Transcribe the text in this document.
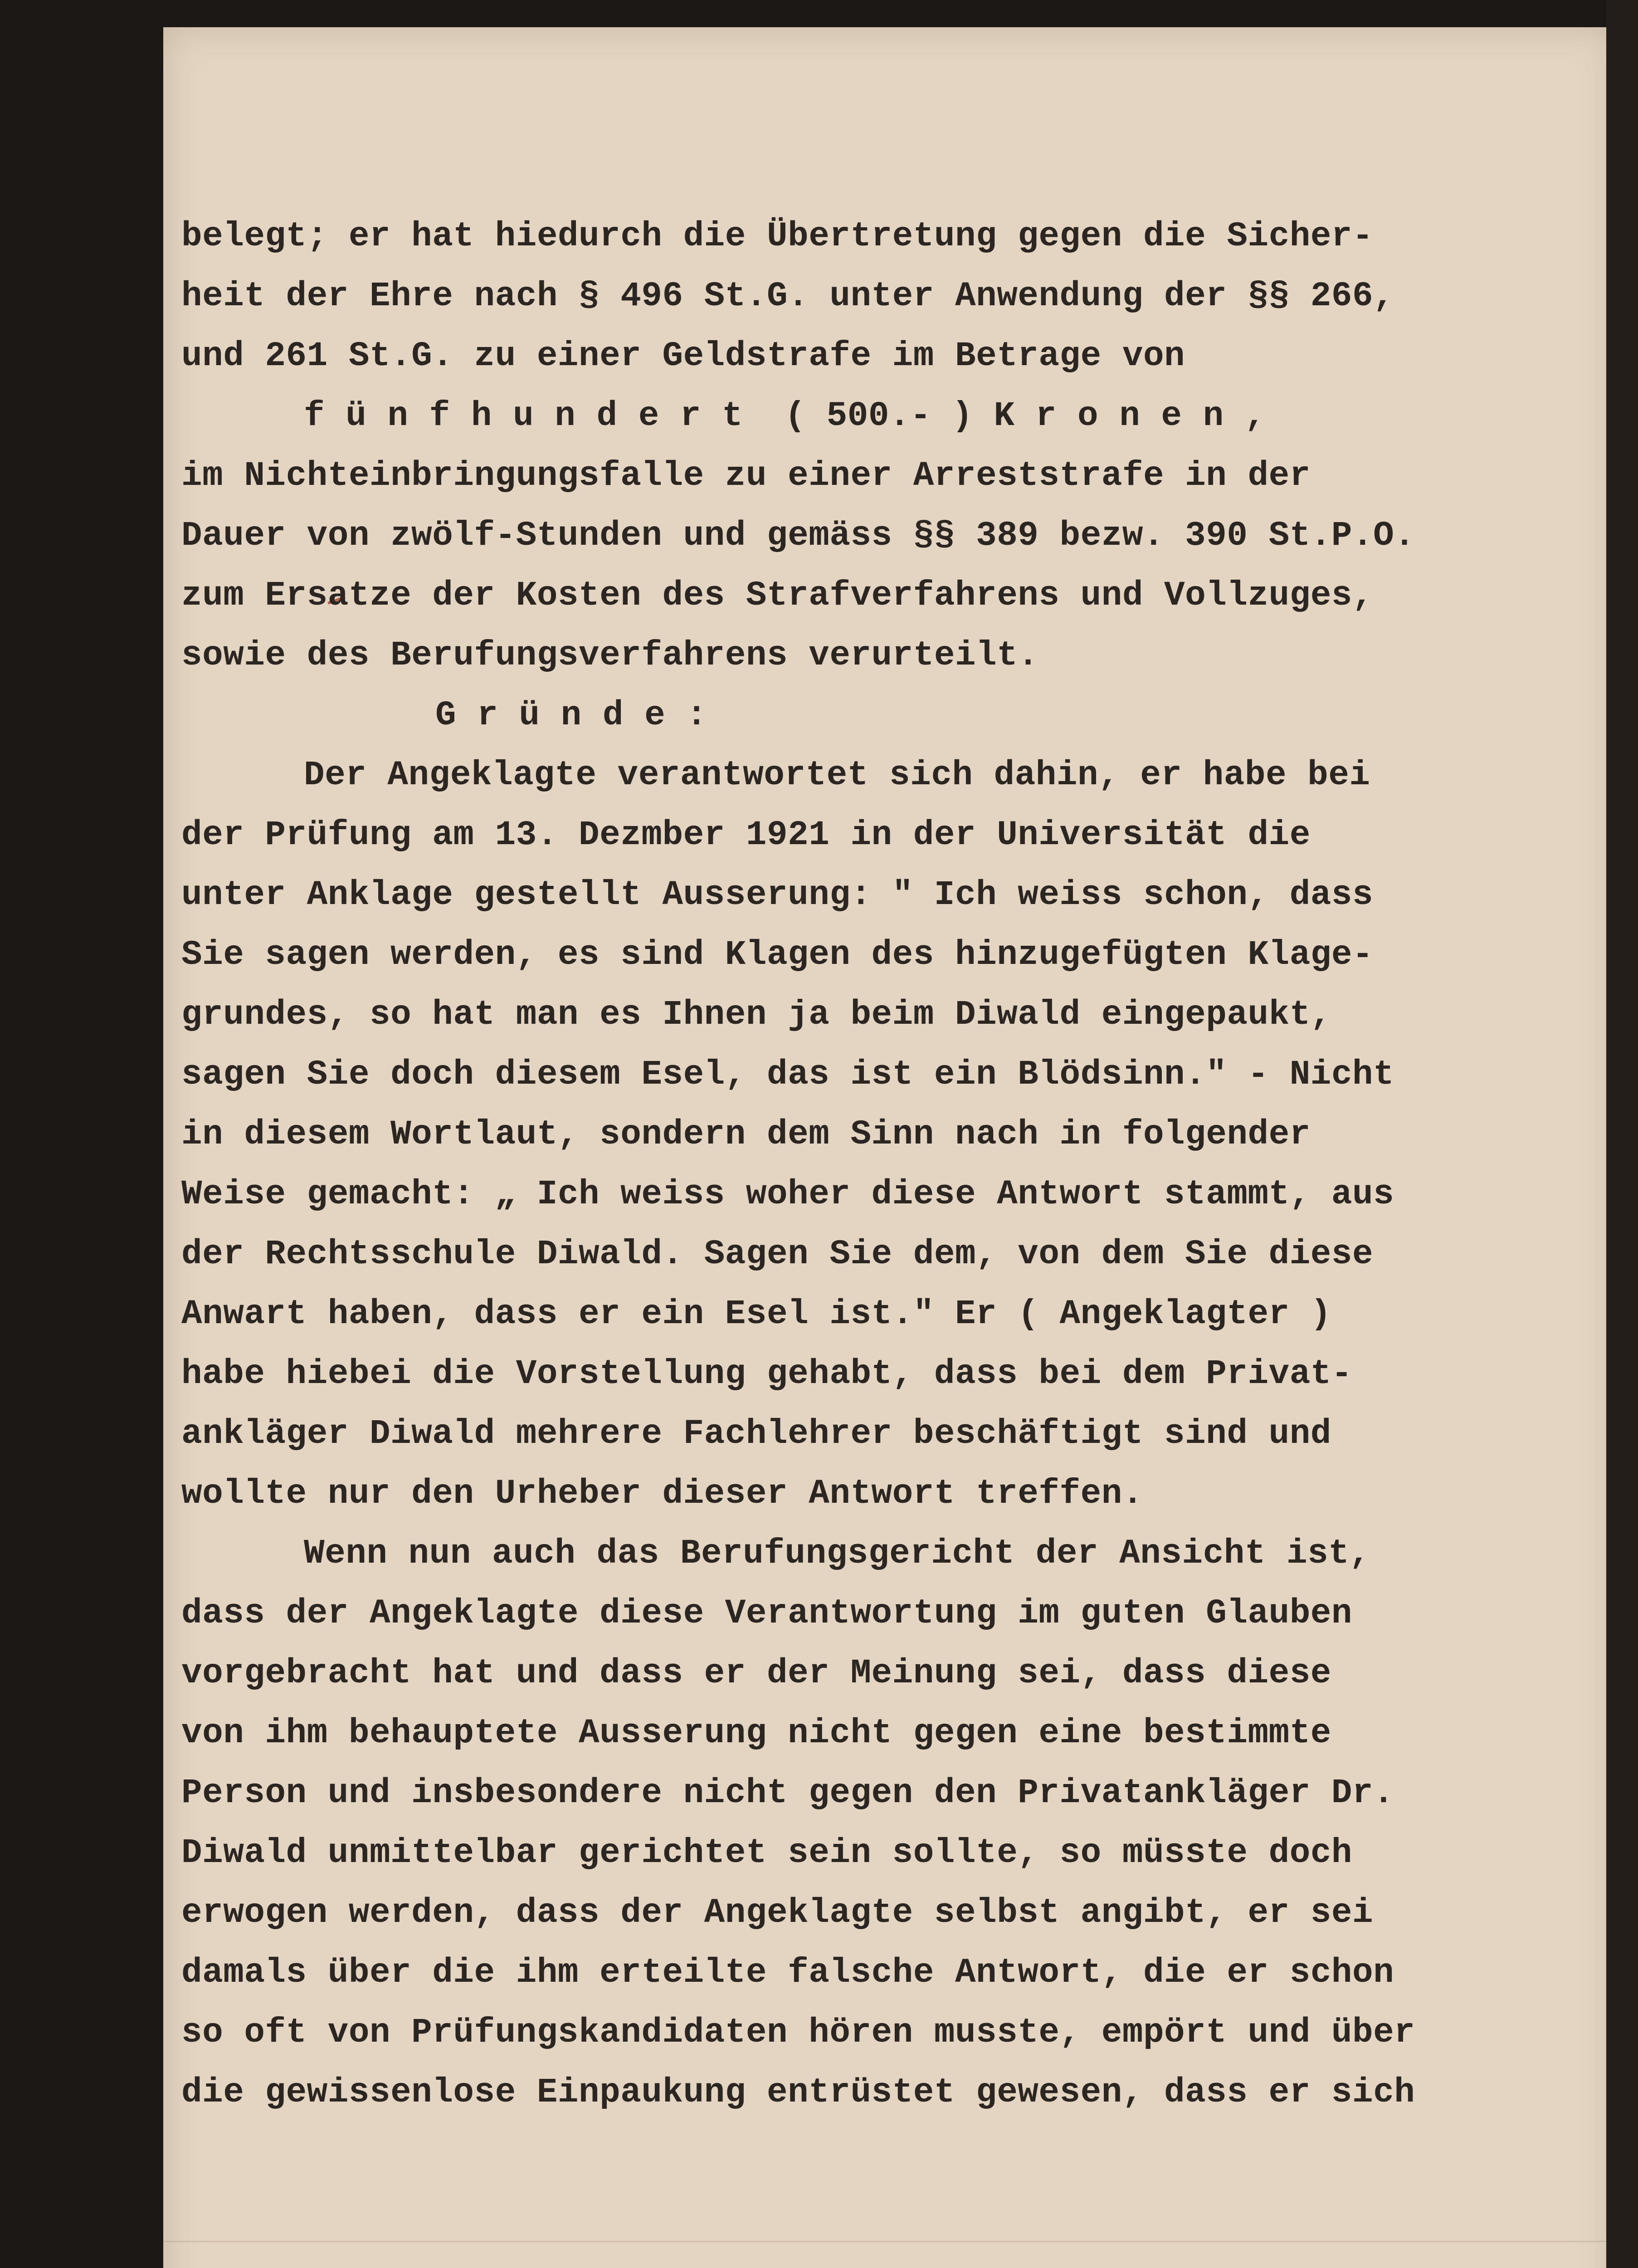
belegt; er hat hiedurch die Übertretung gegen die Sicher-
heit der Ehre nach § 496 St.G. unter Anwendung der §§ 266,
und 261 St.G. zu einer Geldstrafe im Betrage von
f ü n f h u n d e r t  ( 500.- ) K r o n e n ,
im Nichteinbringungsfalle zu einer Arreststrafe in der
Dauer von zwölf-Stunden und gemäss §§ 389 bezw. 390 St.P.O.
zum Ersatze der Kosten des Strafverfahrens und Vollzuges,
sowie des Berufungsverfahrens verurteilt.
G r ü n d e :
Der Angeklagte verantwortet sich dahin, er habe bei
der Prüfung am 13. Dezmber 1921 in der Universität die
unter Anklage gestellt Ausserung: " Ich weiss schon, dass
Sie sagen werden, es sind Klagen des hinzugefügten Klage-
grundes, so hat man es Ihnen ja beim Diwald eingepaukt,
sagen Sie doch diesem Esel, das ist ein Blödsinn." - Nicht
in diesem Wortlaut, sondern dem Sinn nach in folgender
Weise gemacht: „ Ich weiss woher diese Antwort stammt, aus
der Rechtsschule Diwald. Sagen Sie dem, von dem Sie diese
Anwart haben, dass er ein Esel ist." Er ( Angeklagter )
habe hiebei die Vorstellung gehabt, dass bei dem Privat-
ankläger Diwald mehrere Fachlehrer beschäftigt sind und
wollte nur den Urheber dieser Antwort treffen.
Wenn nun auch das Berufungsgericht der Ansicht ist,
dass der Angeklagte diese Verantwortung im guten Glauben
vorgebracht hat und dass er der Meinung sei, dass diese
von ihm behauptete Ausserung nicht gegen eine bestimmte
Person und insbesondere nicht gegen den Privatankläger Dr.
Diwald unmittelbar gerichtet sein sollte, so müsste doch
erwogen werden, dass der Angeklagte selbst angibt, er sei
damals über die ihm erteilte falsche Antwort, die er schon
so oft von Prüfungskandidaten hören musste, empört und über
die gewissenlose Einpaukung entrüstet gewesen, dass er sich
